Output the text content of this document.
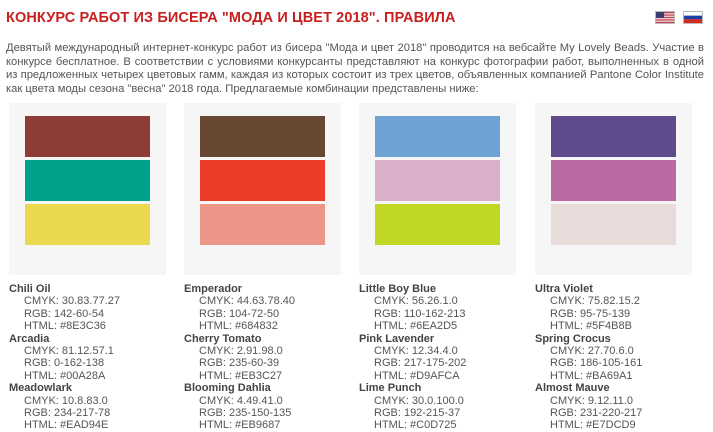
КОНКУРС РАБОТ ИЗ БИСЕРА "МОДА И ЦВЕТ 2018". ПРАВИЛА
Девятый международный интернет-конкурс работ из бисера "Мода и цвет 2018" проводится на вебсайте My Lovely Beads. Участие в конкурсе бесплатное. В соответствии с условиями конкурсанты представляют на конкурс фотографии работ, выполненных в одной из предложенных четырех цветовых гамм, каждая из которых состоит из трех цветов, объявленных компанией Pantone Color Institute как цвета моды сезона "весна" 2018 года. Предлагаемые комбинации представлены ниже:
Chili Oil
CMYK: 30.83.77.27
RGB: 142-60-54
HTML: #8E3C36
Arcadia
CMYK: 81.12.57.1
RGB: 0-162-138
HTML: #00A28A
Meadowlark
CMYK: 10.8.83.0
RGB: 234-217-78
HTML: #EAD94E
Emperador
CMYK: 44.63.78.40
RGB: 104-72-50
HTML: #684832
Cherry Tomato
CMYK: 2.91.98.0
RGB: 235-60-39
HTML: #EB3C27
Blooming Dahlia
CMYK: 4.49.41.0
RGB: 235-150-135
HTML: #EB9687
Little Boy Blue
CMYK: 56.26.1.0
RGB: 110-162-213
HTML: #6EA2D5
Pink Lavender
CMYK: 12.34.4.0
RGB: 217-175-202
HTML: #D9AFCA
Lime Punch
CMYK: 30.0.100.0
RGB: 192-215-37
HTML: #C0D725
Ultra Violet
CMYK: 75.82.15.2
RGB: 95-75-139
HTML: #5F4B8B
Spring Crocus
CMYK: 27.70.6.0
RGB: 186-105-161
HTML: #BA69A1
Almost Mauve
CMYK: 9.12.11.0
RGB: 231-220-217
HTML: #E7DCD9
